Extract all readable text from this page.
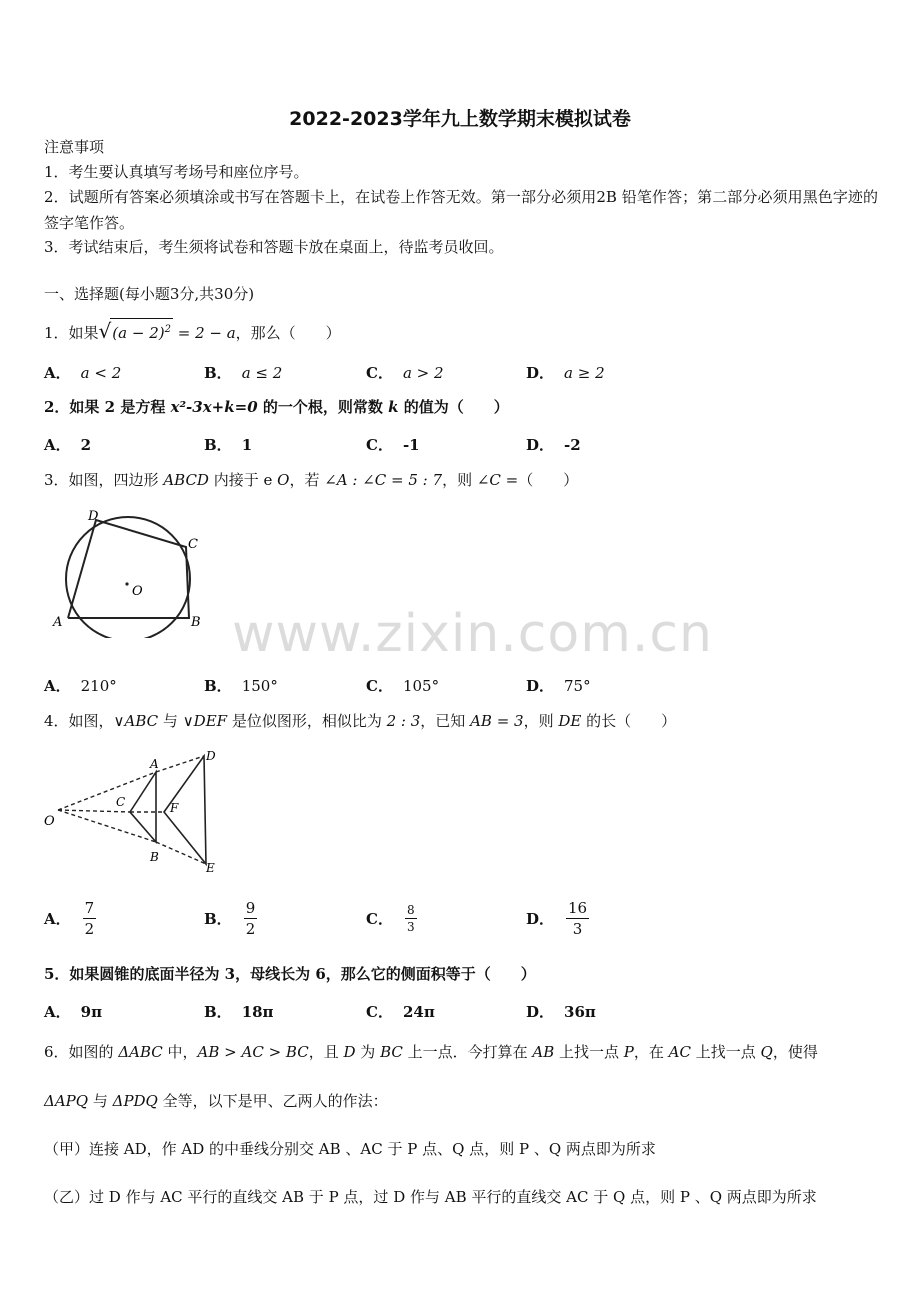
2022-2023学年九上数学期末模拟试卷
注意事项
1．考生要认真填写考场号和座位序号。
2．试题所有答案必须填涂或书写在答题卡上，在试卷上作答无效。第一部分必须用2B 铅笔作答；第二部分必须用黑色字迹的签字笔作答。
3．考试结束后，考生须将试卷和答题卡放在桌面上，待监考员收回。
一、选择题(每小题3分,共30分)
1．如果$√(a - 2)^2 = 2 - a$，那么（　　）
A． a < 2	B． a ≤ 2	C． a > 2	D． a ≥ 2
2．如果 2 是方程 x²-3x+k=0 的一个根，则常数 k 的值为（　　）
A． 2	B． 1	C． -1	D． -2
3．如图，四边形 ABCD 内接于 e O，若 ∠A : ∠C = 5 : 7，则 ∠C =（　　）
O
A	B
C
D
A． 210°	B． 150°	C． 105°	D． 75°
www.zixin.com.cn
4．如图，∨ABC 与 ∨DEF 是位似图形，相似比为 2 : 3，已知 AB = 3，则 DE 的长（　　）
O
A
B
C
D
E
F
A． $\frac{7}{2}$	B． $\frac{9}{2}$	C． $\frac{8}{3}$	D． $\frac{16}{3}$
5．如果圆锥的底面半径为 3，母线长为 6，那么它的侧面积等于（　　）
A． 9π	B． 18π	C． 24π	D． 36π
6．如图的 ΔABC 中，AB > AC > BC，且 D 为 BC 上一点．今打算在 AB 上找一点 P，在 AC 上找一点 Q，使得
ΔAPQ 与 ΔPDQ 全等，以下是甲、乙两人的作法：
（甲）连接 AD，作 AD 的中垂线分别交 AB 、AC 于 P 点、Q 点，则 P 、Q 两点即为所求
（乙）过 D 作与 AC 平行的直线交 AB 于 P 点，过 D 作与 AB 平行的直线交 AC 于 Q 点，则 P 、Q 两点即为所求
